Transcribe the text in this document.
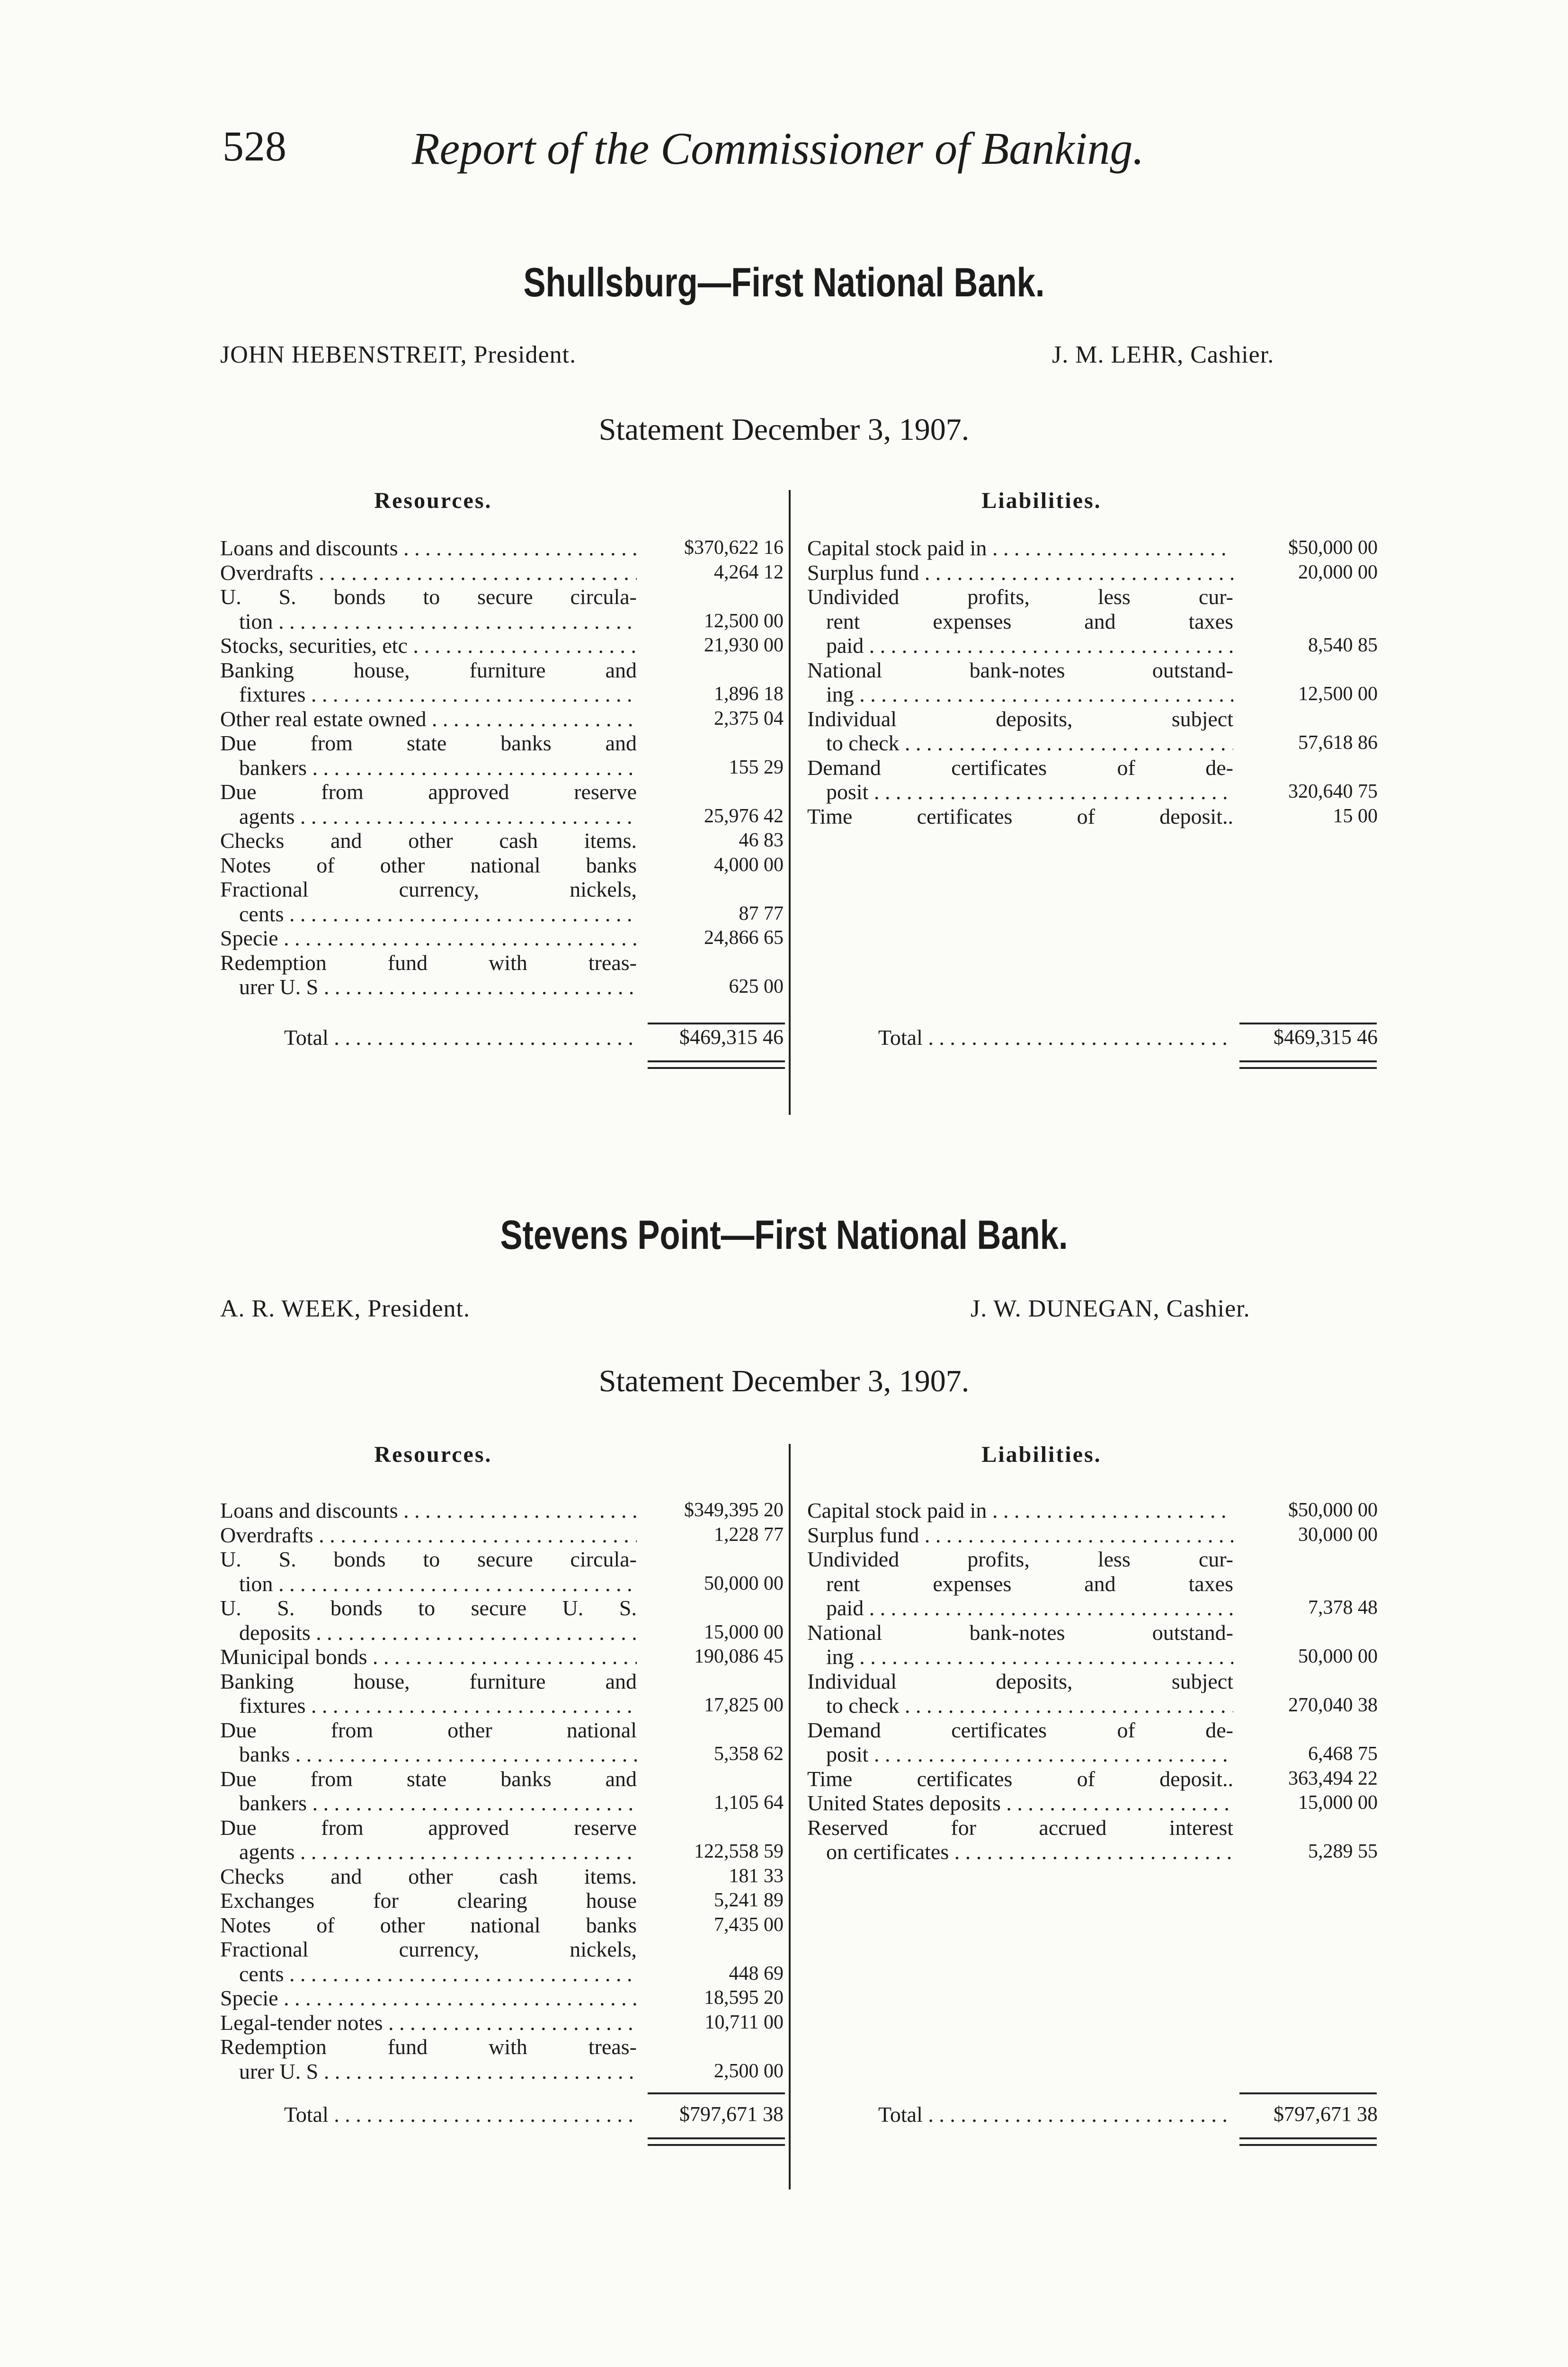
528	Report of the Commissioner of Banking.
Shullsburg—First National Bank.
JOHN HEBENSTREIT, President.	J. M. LEHR, Cashier.
Statement December 3, 1907.
Resources.	Liabilities.
Loans and discounts . . .	$370,622 16
Overdrafts . . .	4,264 12
U. S. bonds to secure circula-
tion . . .	12,500 00
Stocks, securities, etc . . .	21,930 00
Banking house, furniture and
fixtures . . .	1,896 18
Other real estate owned . . .	2,375 04
Due from state banks and
bankers . . .	155 29
Due from approved reserve
agents . . .	25,976 42
Checks and other cash items.	46 83
Notes of other national banks	4,000 00
Fractional currency, nickels,
cents . . .	87 77
Specie . . .	24,866 65
Redemption fund with treas-
urer U. S . . .	625 00
Capital stock paid in . . .	$50,000 00
Surplus fund . . .	20,000 00
Undivided profits, less cur-
rent expenses and taxes
paid . . .	8,540 85
National bank-notes outstand-
ing . . .	12,500 00
Individual deposits, subject
to check . . .	57,618 86
Demand certificates of de-
posit . . .	320,640 75
Time certificates of deposit..	15 00
Total . . .	$469,315 46	Total . . .	$469,315 46
Stevens Point—First National Bank.
A. R. WEEK, President.	J. W. DUNEGAN, Cashier.
Statement December 3, 1907.
Resources.	Liabilities.
Loans and discounts . . .	$349,395 20
Overdrafts . . .	1,228 77
U. S. bonds to secure circula-
tion . . .	50,000 00
U. S. bonds to secure U. S.
deposits . . .	15,000 00
Municipal bonds . . .	190,086 45
Banking house, furniture and
fixtures . . .	17,825 00
Due from other national
banks . . .	5,358 62
Due from state banks and
bankers . . .	1,105 64
Due from approved reserve
agents . . .	122,558 59
Checks and other cash items.	181 33
Exchanges for clearing house	5,241 89
Notes of other national banks	7,435 00
Fractional currency, nickels,
cents . . .	448 69
Specie . . .	18,595 20
Legal-tender notes . . .	10,711 00
Redemption fund with treas-
urer U. S . . .	2,500 00
Capital stock paid in . . .	$50,000 00
Surplus fund . . .	30,000 00
Undivided profits, less cur-
rent expenses and taxes
paid . . .	7,378 48
National bank-notes outstand-
ing . . .	50,000 00
Individual deposits, subject
to check . . .	270,040 38
Demand certificates of de-
posit . . .	6,468 75
Time certificates of deposit..	363,494 22
United States deposits . . .	15,000 00
Reserved for accrued interest
on certificates . . .	5,289 55
Total . . .	$797,671 38	Total . . .	$797,671 38
